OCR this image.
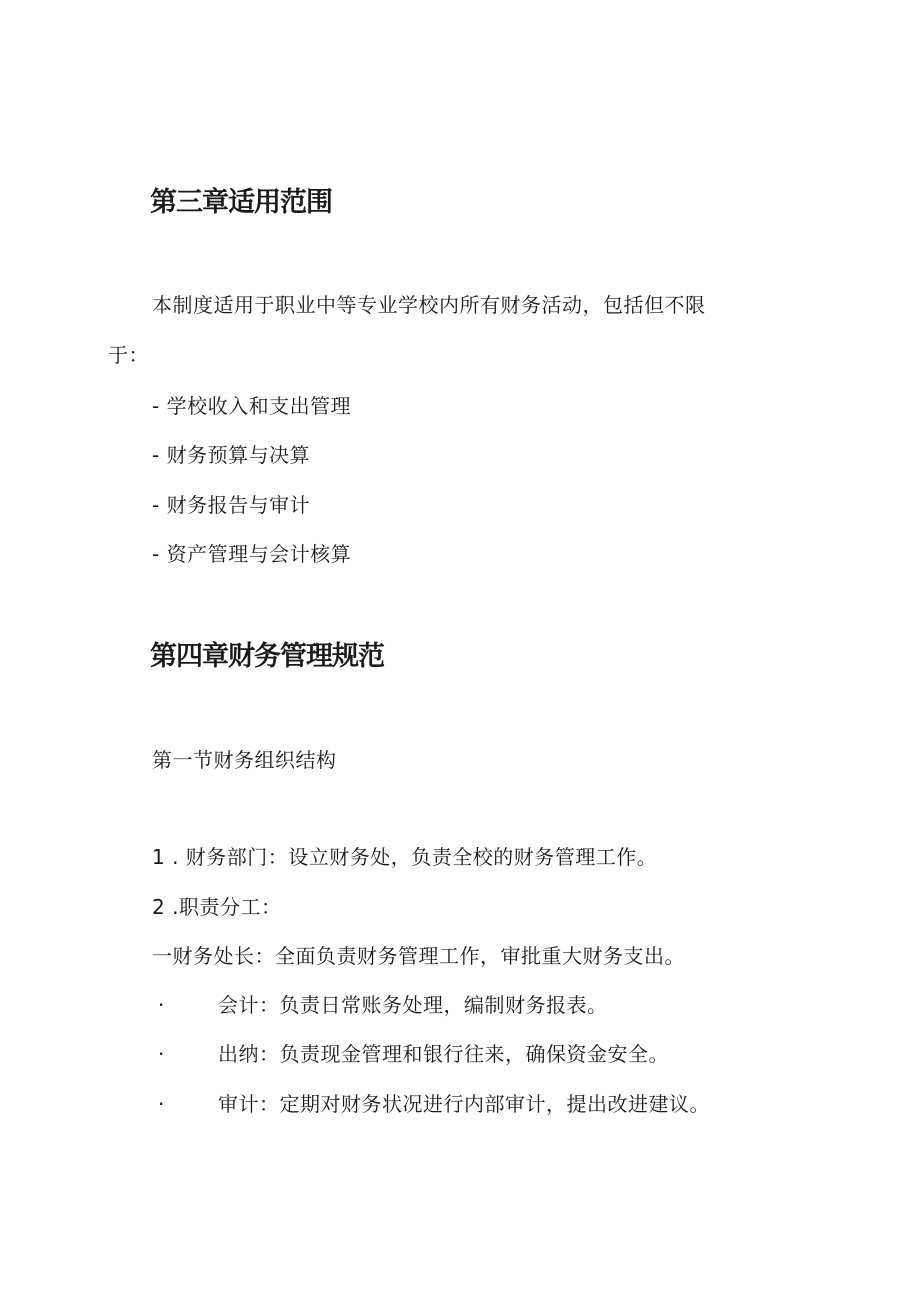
第三章适用范围

本制度适用于职业中等专业学校内所有财务活动，包括但不限

于：

- 学校收入和支出管理

- 财务预算与决算

- 财务报告与审计

- 资产管理与会计核算

第四章财务管理规范
第一节财务组织结构

1 . 财务部门：设立财务处，负责全校的财务管理工作。

2 .职责分工：

一财务处长：全面负责财务管理工作，审批重大财务支出。

·	会计：负责日常账务处理，编制财务报表。

·	出纳：负责现金管理和银行往来，确保资金安全。

·	审计：定期对财务状况进行内部审计，提出改进建议。
